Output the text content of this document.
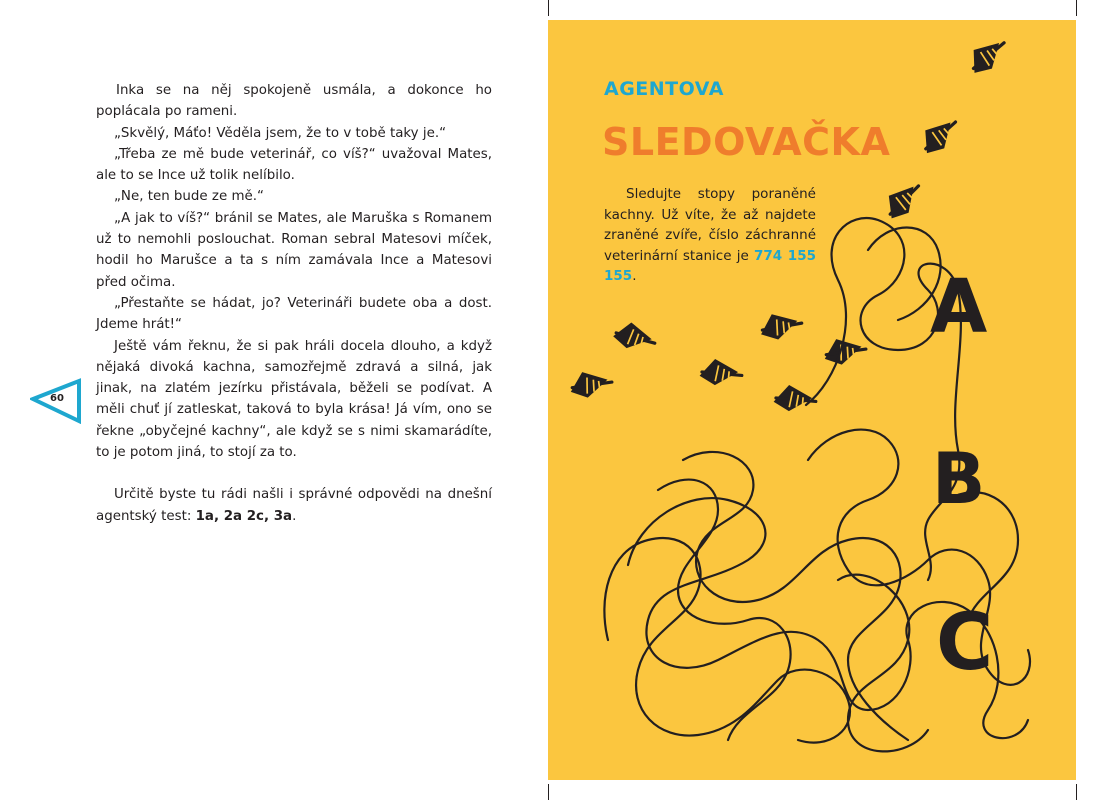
Inka se na něj spokojeně usmála, a dokonce ho poplácala po rameni.

„Skvělý, Máťo! Věděla jsem, že to v tobě taky je.“

„Třeba ze mě bude veterinář, co víš?“ uvažoval Mates, ale to se Ince už tolik nelíbilo.

„Ne, ten bude ze mě.“

„A jak to víš?“ bránil se Mates, ale Maruška s Romanem už to nemohli poslouchat. Roman sebral Matesovi míček, hodil ho Marušce a ta s ním zamávala Ince a Matesovi před očima.

„Přestaňte se hádat, jo? Veterináři budete oba a dost. Jdeme hrát!“

Ještě vám řeknu, že si pak hráli docela dlouho, a když nějaká divoká kachna, samozřejmě zdravá a silná, jak jinak, na zlatém jezírku přistávala, běželi se podívat. A měli chuť jí zatleskat, taková to byla krása! Já vím, ono se řekne „obyčejné kachny“, ale když se s nimi skamarádíte, to je potom jiná, to stojí za to.

Určitě byste tu rádi našli i správné odpovědi na dnešní agentský test: 1a, 2a 2c, 3a.

60
AGENTOVA
SLEDOVAČKA

Sledujte stopy poraněné kachny. Už víte, že až najdete zraněné zvíře, číslo záchranné veterinární stanice je 774 155 155.	A
B
C
